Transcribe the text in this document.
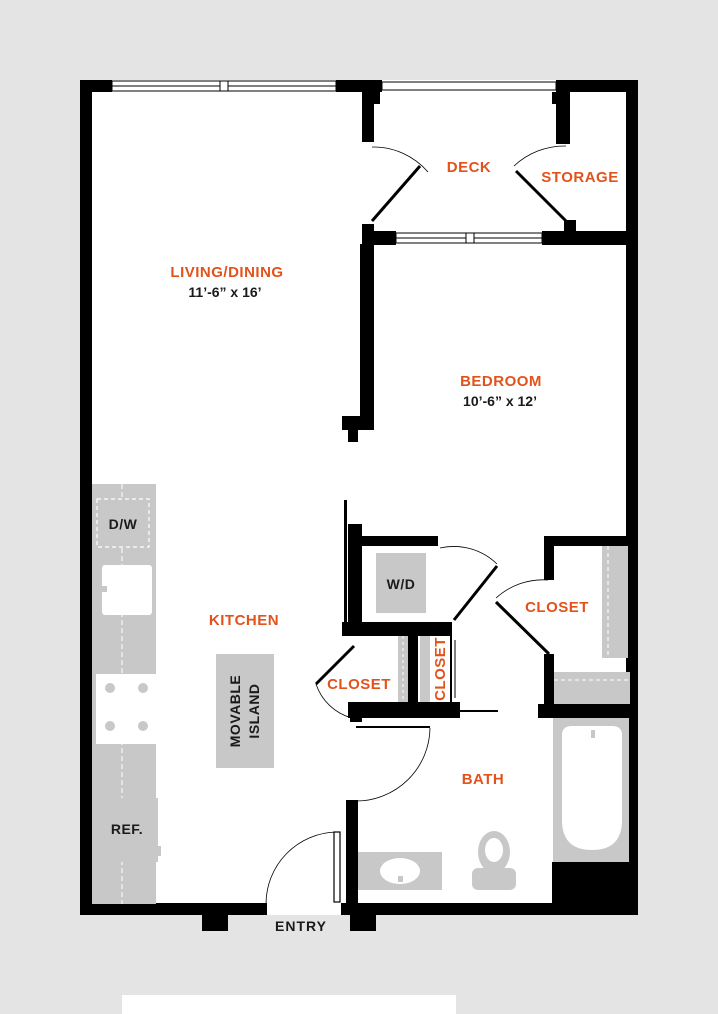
LIVING/DINING
11’-6” x 16’
BEDROOM
10’-6” x 12’
DECK
STORAGE
KITCHEN
CLOSET
CLOSET	CLOSET
BATH
D/W
W/D
REF.
MOVABLE ISLAND
ENTRY
